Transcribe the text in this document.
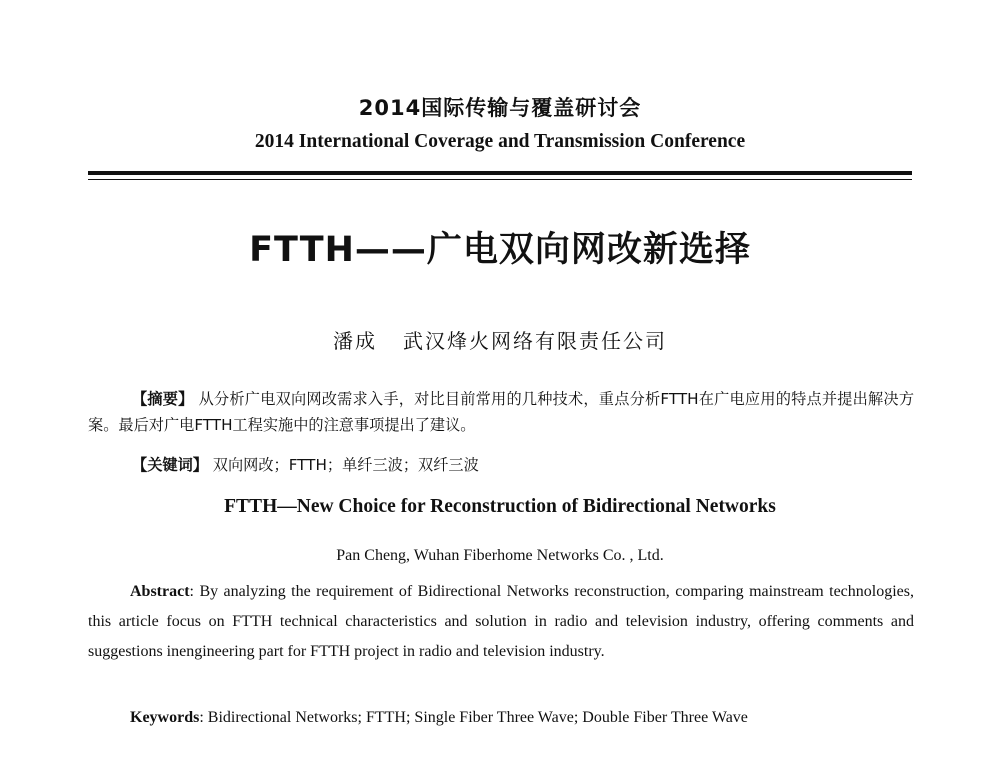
2014国际传输与覆盖研讨会
2014 International Coverage and Transmission Conference
FTTH——广电双向网改新选择
潘成 武汉烽火网络有限责任公司
【摘要】 从分析广电双向网改需求入手，对比目前常用的几种技术，重点分析FTTH在广电应用的特点并提出解决方案。最后对广电FTTH工程实施中的注意事项提出了建议。
【关键词】 双向网改；FTTH；单纤三波；双纤三波
FTTH—New Choice for Reconstruction of Bidirectional Networks
Pan Cheng, Wuhan Fiberhome Networks Co. , Ltd.
Abstract: By analyzing the requirement of Bidirectional Networks reconstruction, comparing mainstream technologies, this article focus on FTTH technical characteristics and solution in radio and television industry, offering comments and suggestions inengineering part for FTTH project in radio and television industry.
Keywords: Bidirectional Networks; FTTH; Single Fiber Three Wave; Double Fiber Three Wave
